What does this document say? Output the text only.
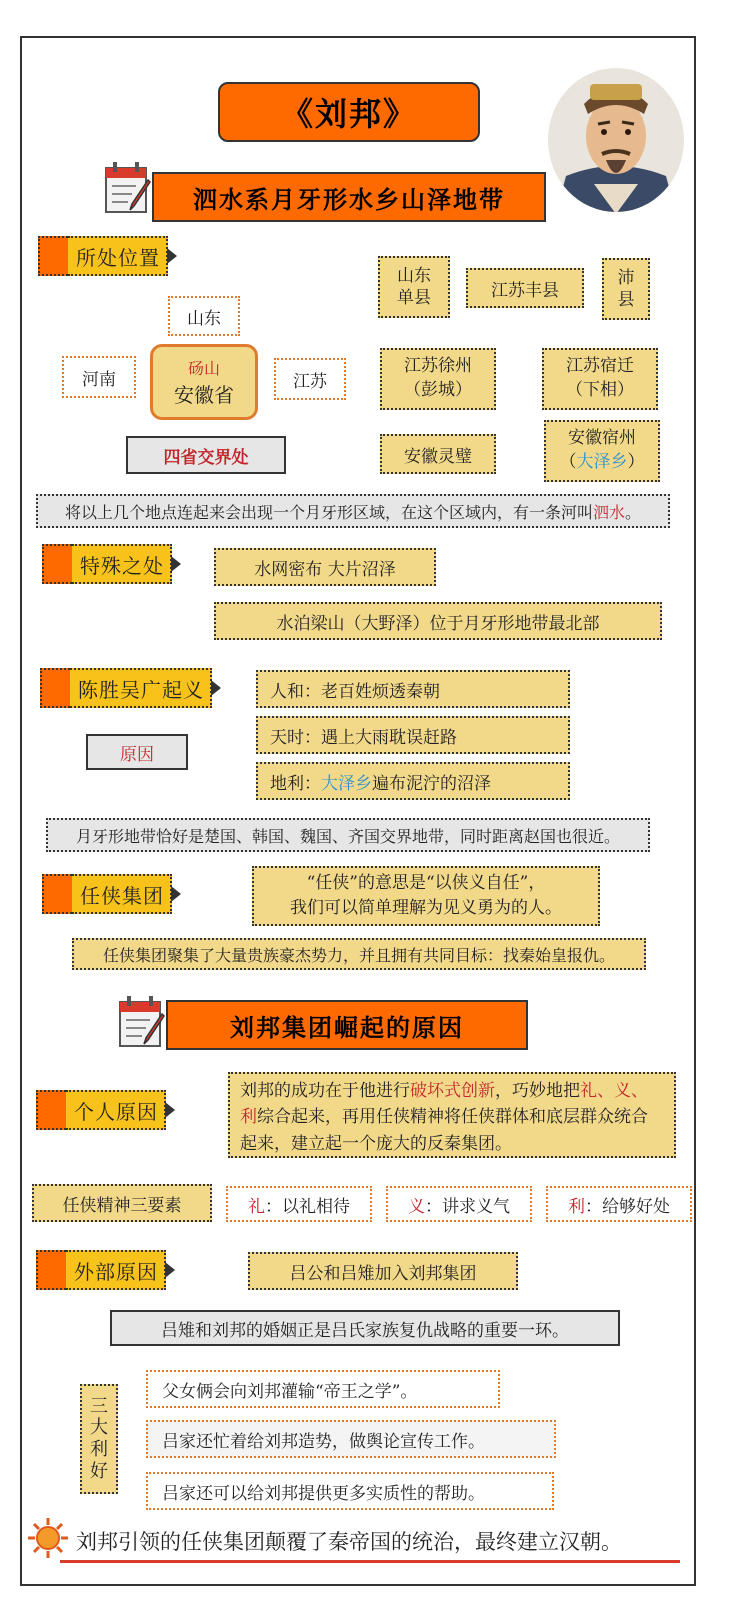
《刘邦》
泗水系月牙形水乡山泽地带
所处位置
山东
河南
砀山
安徽省
江苏
四省交界处
山东
单县	江苏丰县
沛
县
江苏徐州
（彭城）
江苏宿迁
（下相）
安徽灵璧
安徽宿州
（大泽乡）
将以上几个地点连起来会出现一个月牙形区域，在这个区域内，有一条河叫 泗水 。
特殊之处	水网密布 大片沼泽
水泊梁山（大野泽）位于月牙形地带最北部
陈胜吴广起义
原因
人和：老百姓烦透秦朝
天时：遇上大雨耽误赶路
地利： 大泽乡 遍布泥泞的沼泽
月牙形地带恰好是楚国、韩国、魏国、齐国交界地带，同时距离赵国也很近。
任侠集团
“任侠”的意思是“以侠义自任”，
我们可以简单理解为见义勇为的人。
任侠集团聚集了大量贵族豪杰势力，并且拥有共同目标：找秦始皇报仇。
刘邦集团崛起的原因
个人原因
刘邦的成功在于他进行破坏式创新，巧妙地把礼、义、利综合起来，再用任侠精神将任侠群体和底层群众统合起来，建立起一个庞大的反秦集团。
任侠精神三要素	礼 ：以礼相待	义 ：讲求义气	利 ：给够好处
外部原因	吕公和吕雉加入刘邦集团
吕雉和刘邦的婚姻正是吕氏家族复仇战略的重要一环。
三
大
利
好
父女俩会向刘邦灌输“帝王之学”。
吕家还忙着给刘邦造势，做舆论宣传工作。
吕家还可以给刘邦提供更多实质性的帮助。
刘邦引领的任侠集团颠覆了秦帝国的统治，最终建立汉朝。
